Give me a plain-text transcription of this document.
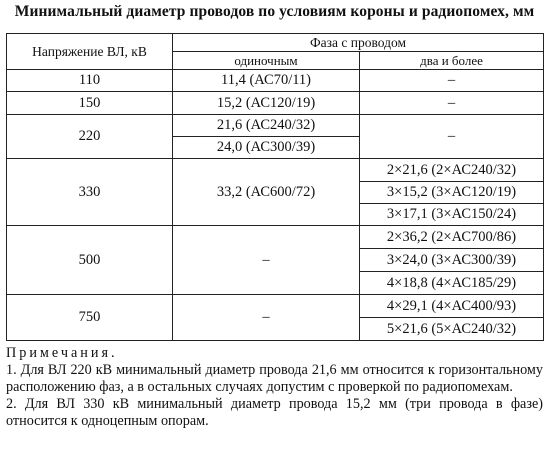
Минимальный диаметр проводов по условиям короны и радиопомех, мм
Напряжение ВЛ, кВ	Фаза с проводом	
	одиночным	два и более
110	11,4 (АС70/11)	–
150	15,2 (АС120/19)	–
220	21,6 (АС240/32)	–
	24,0 (АС300/39)	
330	33,2 (АС600/72)	2×21,6 (2×АС240/32)
		3×15,2 (3×АС120/19)
		3×17,1 (3×АС150/24)
500	–	2×36,2 (2×АС700/86)
		3×24,0 (3×АС300/39)
		4×18,8 (4×АС185/29)
750	–	4×29,1 (4×АС400/93)
		5×21,6 (5×АС240/32)

Примечания.

1. Для ВЛ 220 кВ минимальный диаметр провода 21,6 мм относится к горизонтальному расположению фаз, а в остальных случаях допустим с проверкой по радиопомехам.

2. Для ВЛ 330 кВ минимальный диаметр провода 15,2 мм (три провода в фазе) относится к одноцепным опорам.
